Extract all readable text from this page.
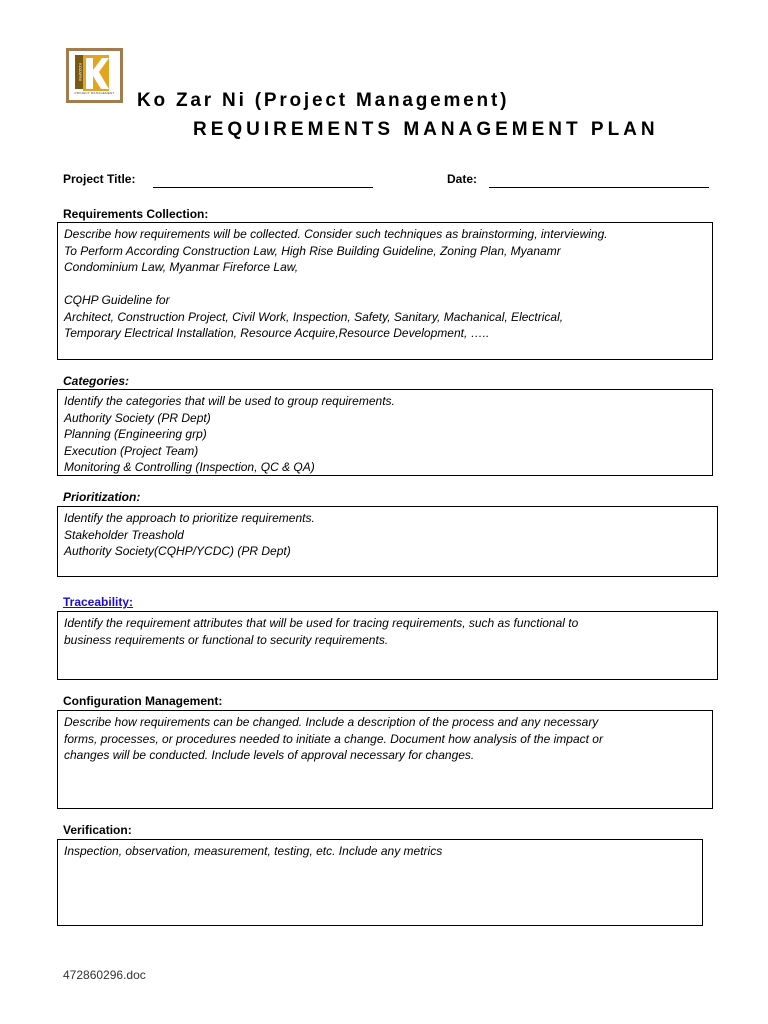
KOZARNI
PROJECT MANAGEMENT Ko Zar Ni (Project Management)
REQUIREMENTS MANAGEMENT PLAN
Project Title:	Date:
Requirements Collection:
Describe how requirements will be collected. Consider such techniques as brainstorming, interviewing.
To Perform According Construction Law, High Rise Building Guideline, Zoning Plan, Myanamr
Condominium Law, Myanmar Fireforce Law,
CQHP Guideline for
Architect, Construction Project, Civil Work, Inspection, Safety, Sanitary, Machanical, Electrical,
Temporary Electrical Installation, Resource Acquire,Resource Development, …..
Categories:
Identify the categories that will be used to group requirements.
Authority Society (PR Dept)
Planning (Engineering grp)
Execution (Project Team)
Monitoring & Controlling (Inspection, QC & QA)
Prioritization:
Identify the approach to prioritize requirements.
Stakeholder Treashold
Authority Society(CQHP/YCDC) (PR Dept)
Traceability:
Identify the requirement attributes that will be used for tracing requirements, such as functional to
business requirements or functional to security requirements.
Configuration Management:
Describe how requirements can be changed. Include a description of the process and any necessary
forms, processes, or procedures needed to initiate a change. Document how analysis of the impact or
changes will be conducted. Include levels of approval necessary for changes.
Verification:
Inspection, observation, measurement, testing, etc. Include any metrics
472860296.doc
